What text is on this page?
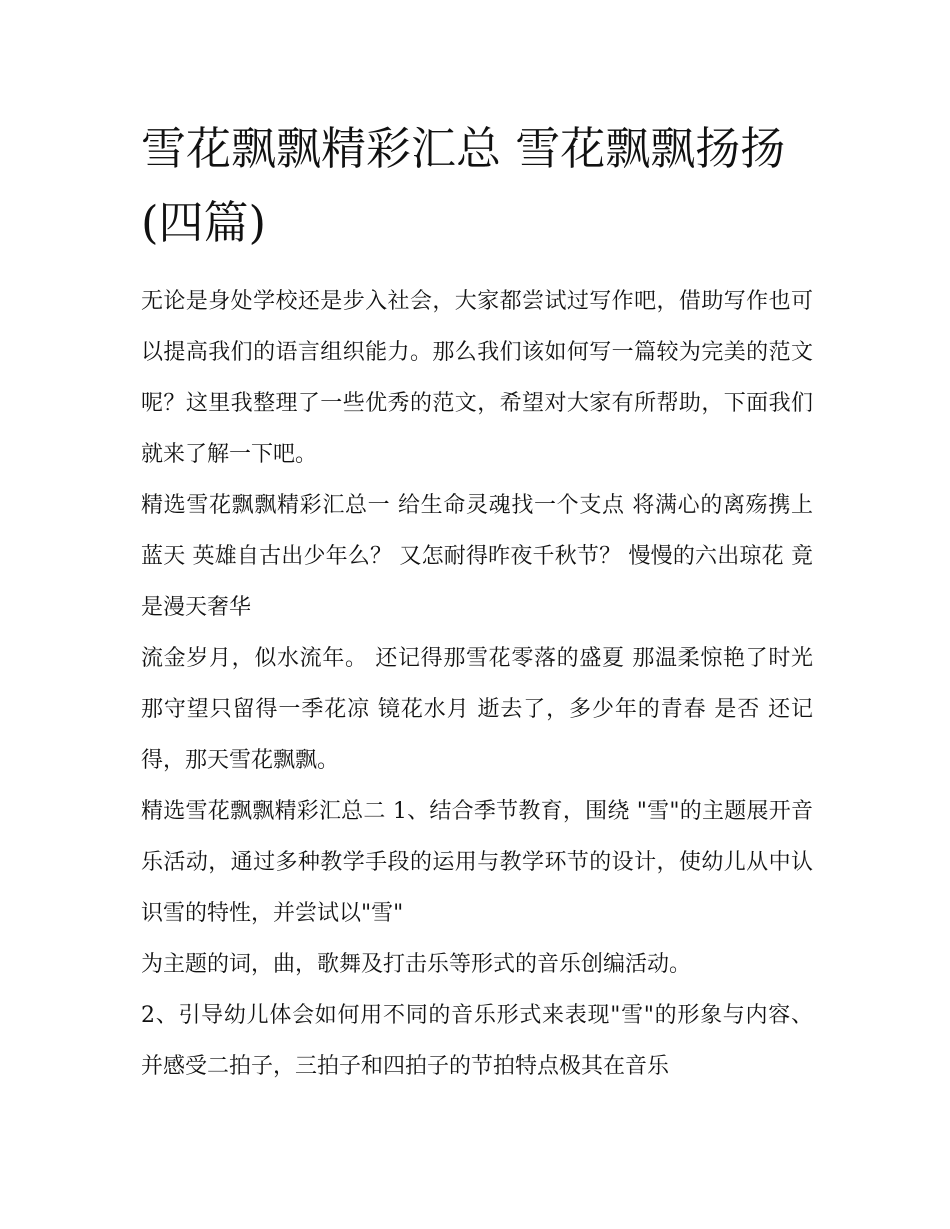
雪花飘飘精彩汇总 雪花飘飘扬扬(四篇)

无论是身处学校还是步入社会，大家都尝试过写作吧，借助写作也可以提高我们的语言组织能力。那么我们该如何写一篇较为完美的范文呢？这里我整理了一些优秀的范文，希望对大家有所帮助，下面我们就来了解一下吧。

精选雪花飘飘精彩汇总一 给生命灵魂找一个支点 将满心的离殇携上蓝天 英雄自古出少年么？ 又怎耐得昨夜千秋节？ 慢慢的六出琼花 竟是漫天奢华

流金岁月，似水流年。 还记得那雪花零落的盛夏 那温柔惊艳了时光 那守望只留得一季花凉 镜花水月 逝去了，多少年的青春 是否 还记得，那天雪花飘飘。

精选雪花飘飘精彩汇总二 1、结合季节教育，围绕 "雪"的主题展开音乐活动，通过多种教学手段的运用与教学环节的设计，使幼儿从中认识雪的特性，并尝试以"雪"

为主题的词，曲，歌舞及打击乐等形式的音乐创编活动。

2、引导幼儿体会如何用不同的音乐形式来表现"雪"的形象与内容、并感受二拍子，三拍子和四拍子的节拍特点极其在音乐
